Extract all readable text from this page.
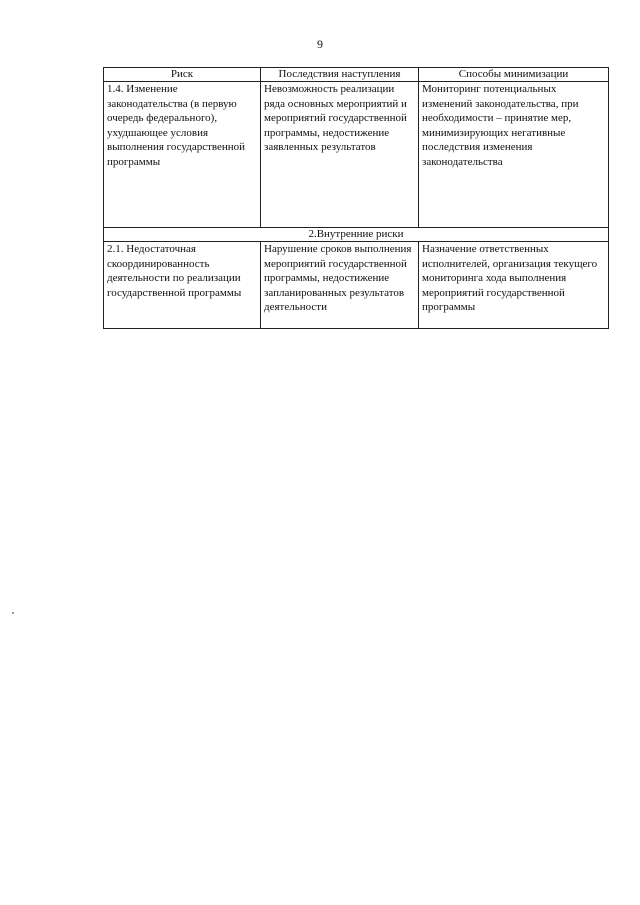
9
Риск	Последствия наступления	Способы минимизации
1.4. Изменение законодательства (в первую очередь федерального), ухудшающее условия выполнения государственной программы	Невозможность реализации ряда основных мероприятий и мероприятий государственной программы, недостижение заявленных результатов	Мониторинг потенциальных изменений законодательства, при необходимости – принятие мер, минимизирующих негативные последствия изменения законодательства
2.Внутренние риски		
2.1. Недостаточная скоординированность деятельности по реализации государственной программы	Нарушение сроков выполнения мероприятий государственной программы, недостижение запланированных результатов деятельности	Назначение ответственных исполнителей, организация текущего мониторинга хода выполнения мероприятий государственной программы
